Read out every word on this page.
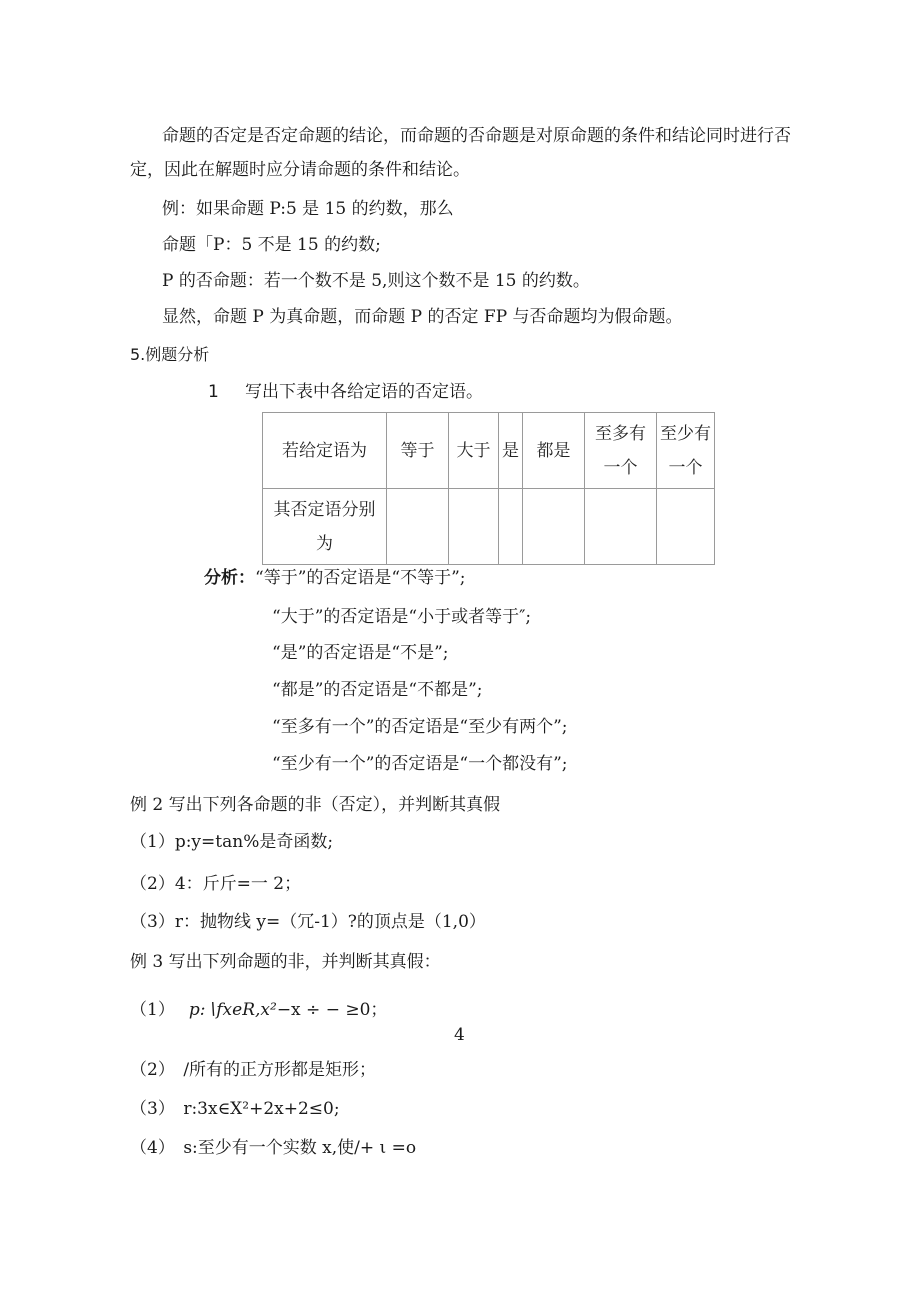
命题的否定是否定命题的结论，而命题的否命题是对原命题的条件和结论同时进行否
定，因此在解题时应分请命题的条件和结论。
例：如果命题 P:5 是 15 的约数，那么
命题「P：5 不是 15 的约数;
P 的否命题：若一个数不是 5,则这个数不是 15 的约数。
显然，命题 P 为真命题，而命题 P 的否定 FP 与否命题均为假命题。
5.例题分析
1 写出下表中各给定语的否定语。
若给定语为	等于	大于	是	都是	至多有
一个	至少有
一个
其否定语分别
为						
分析：“等于”的否定语是“不等于”;
“大于”的否定语是“小于或者等于″;
“是”的否定语是“不是”;
“都是”的否定语是“不都是”;
“至多有一个”的否定语是“至少有两个”;
“至少有一个”的否定语是“一个都没有”;
例 2 写出下列各命题的非（否定），并判断其真假
（1）p:y=tan%是奇函数;
（2）4：斤斤=一 2；
（3）r：抛物线 y=（冗-1）?的顶点是（1,0）
例 3 写出下列命题的非，并判断其真假：
（1） p:∖fxeR,x²−x ÷ − ≥0；
4
（2）　/所有的正方形都是矩形；
（3）　r:3x∈X²+2x+2≤0;
（4）　s:至少有一个实数 x,使/+ ι =o
